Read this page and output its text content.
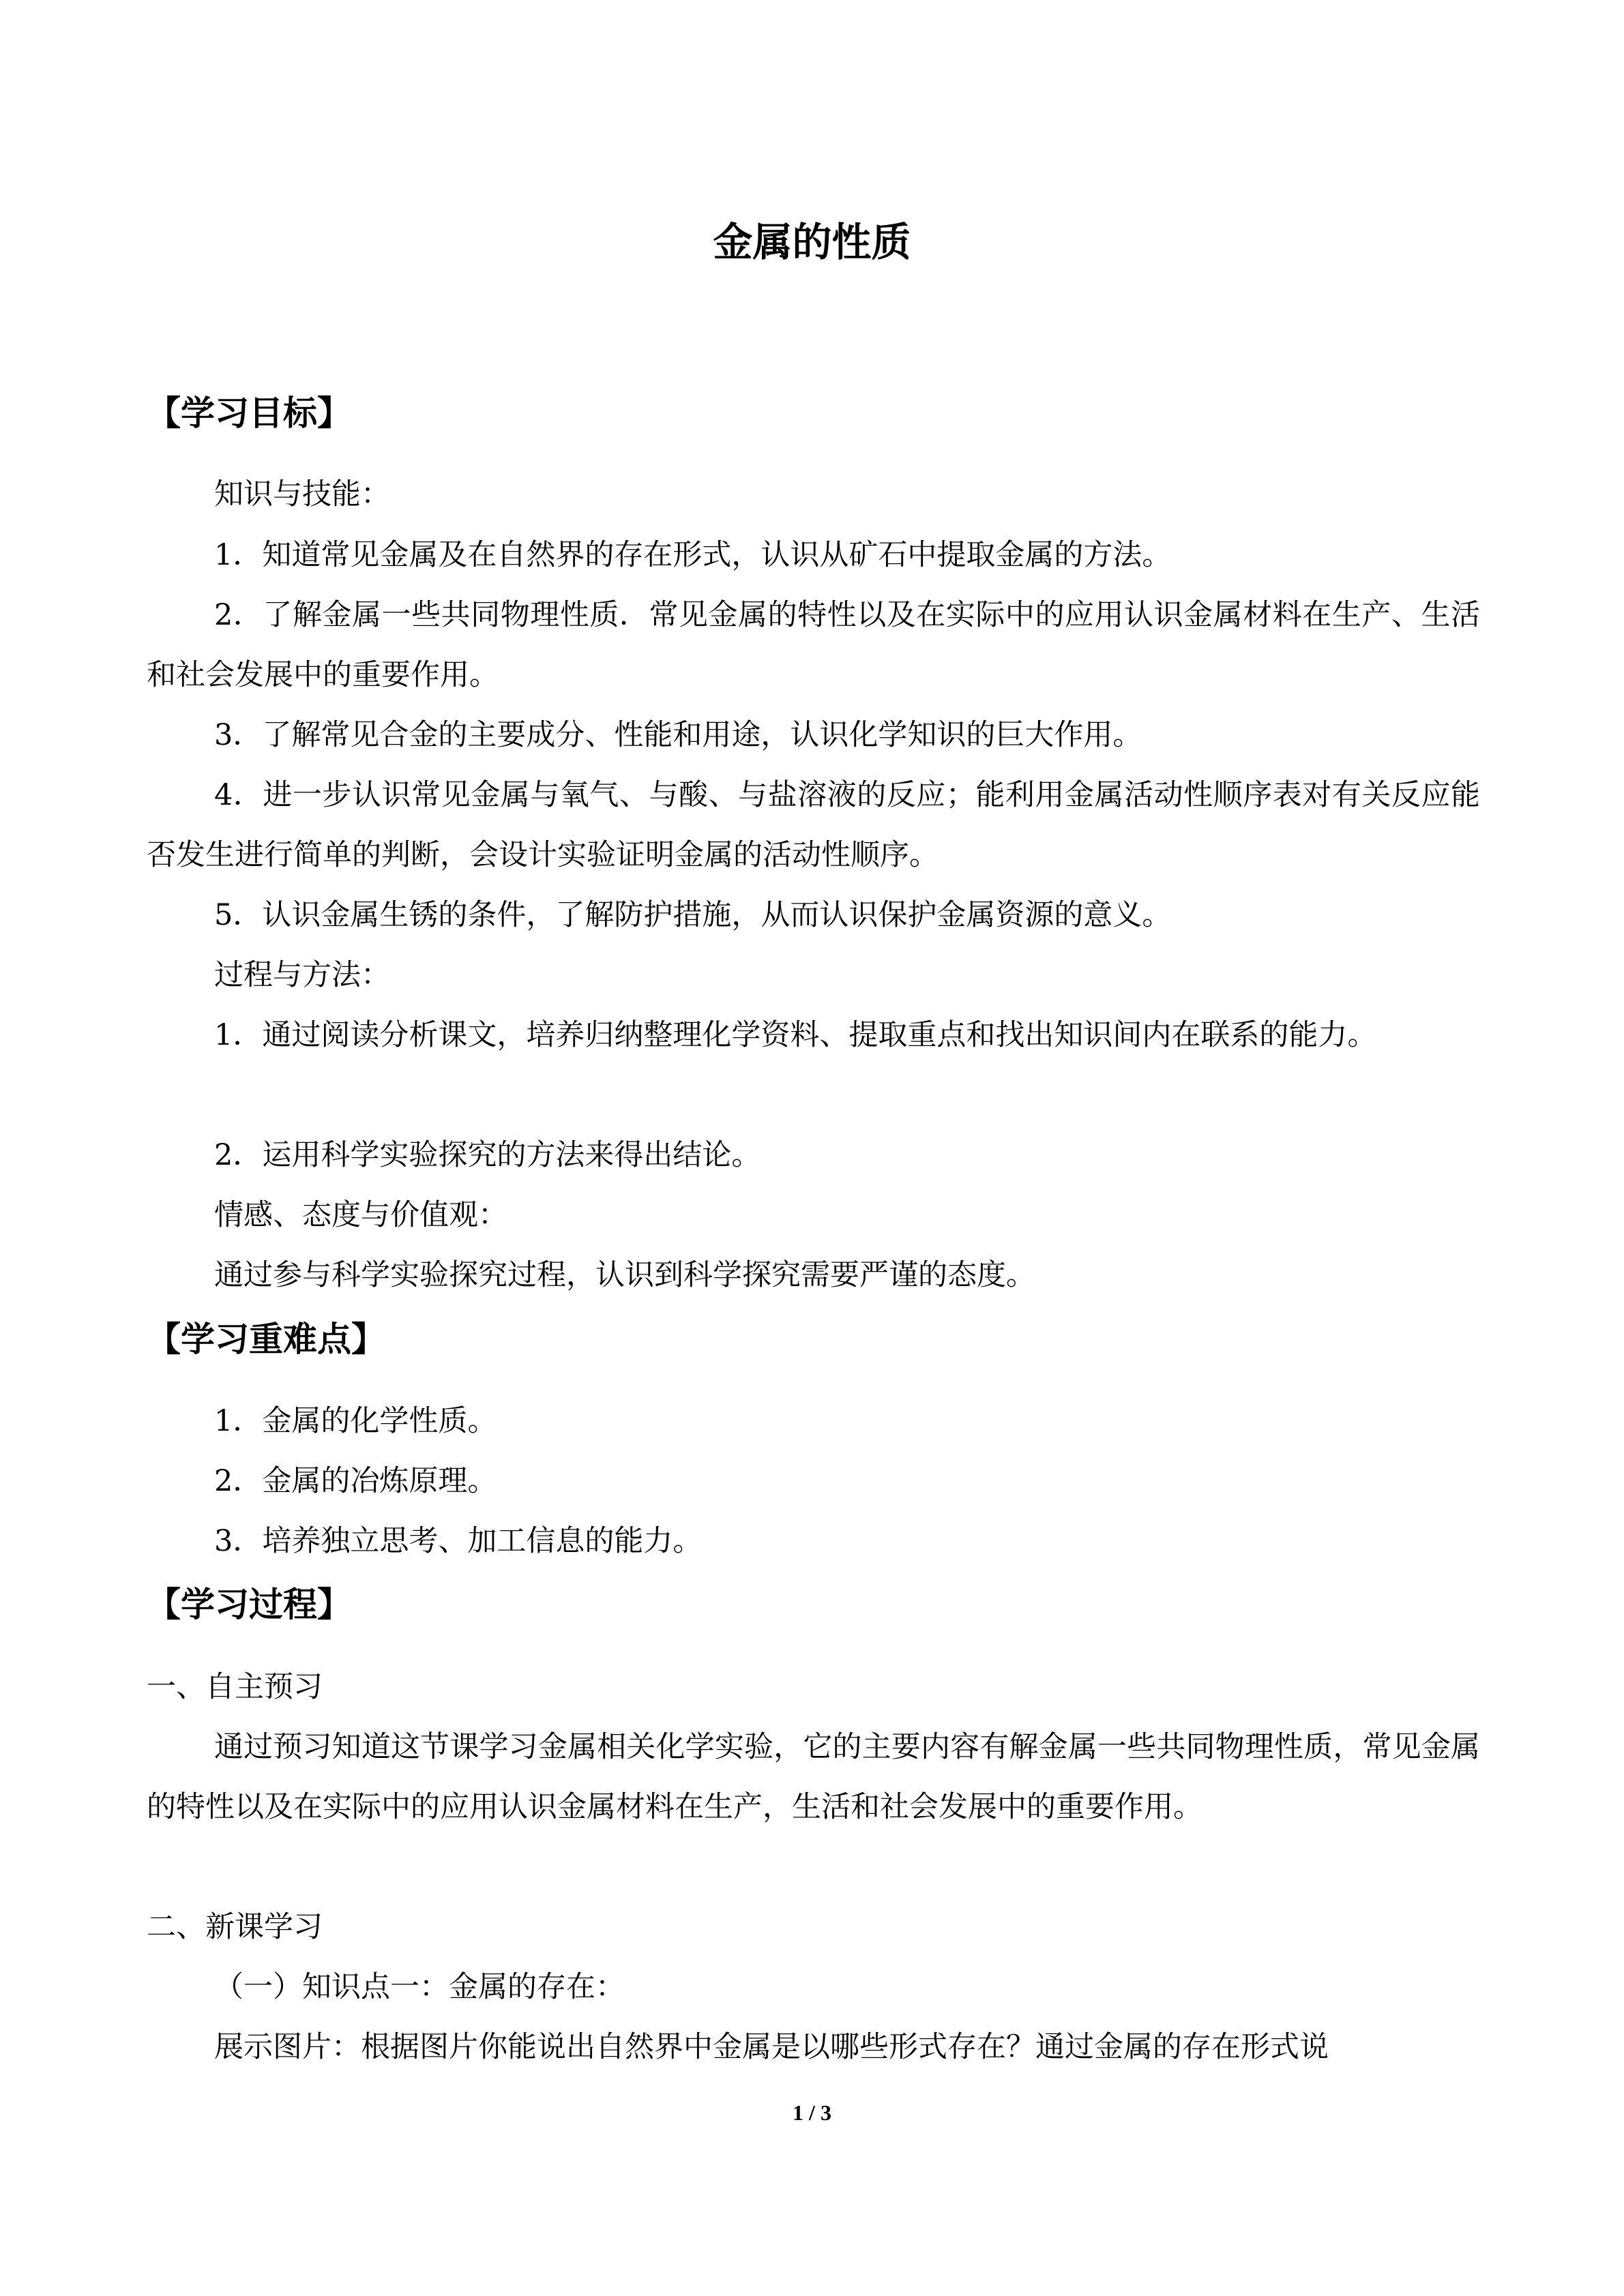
金属的性质
【学习目标】
知识与技能：
1．知道常见金属及在自然界的存在形式，认识从矿石中提取金属的方法。
2．了解金属一些共同物理性质．常见金属的特性以及在实际中的应用认识金属材料在生产、生活和社会发展中的重要作用。
3．了解常见合金的主要成分、性能和用途，认识化学知识的巨大作用。
4．进一步认识常见金属与氧气、与酸、与盐溶液的反应；能利用金属活动性顺序表对有关反应能否发生进行简单的判断，会设计实验证明金属的活动性顺序。
5．认识金属生锈的条件，了解防护措施，从而认识保护金属资源的意义。
过程与方法：
1．通过阅读分析课文，培养归纳整理化学资料、提取重点和找出知识间内在联系的能力。
2．运用科学实验探究的方法来得出结论。
情感、态度与价值观：
通过参与科学实验探究过程，认识到科学探究需要严谨的态度。
【学习重难点】
1．金属的化学性质。
2．金属的冶炼原理。
3．培养独立思考、加工信息的能力。
【学习过程】
一、自主预习
通过预习知道这节课学习金属相关化学实验，它的主要内容有解金属一些共同物理性质，常见金属的特性以及在实际中的应用认识金属材料在生产，生活和社会发展中的重要作用。
二、新课学习
（一）知识点一：金属的存在：
展示图片：根据图片你能说出自然界中金属是以哪些形式存在？通过金属的存在形式说
1 / 3
